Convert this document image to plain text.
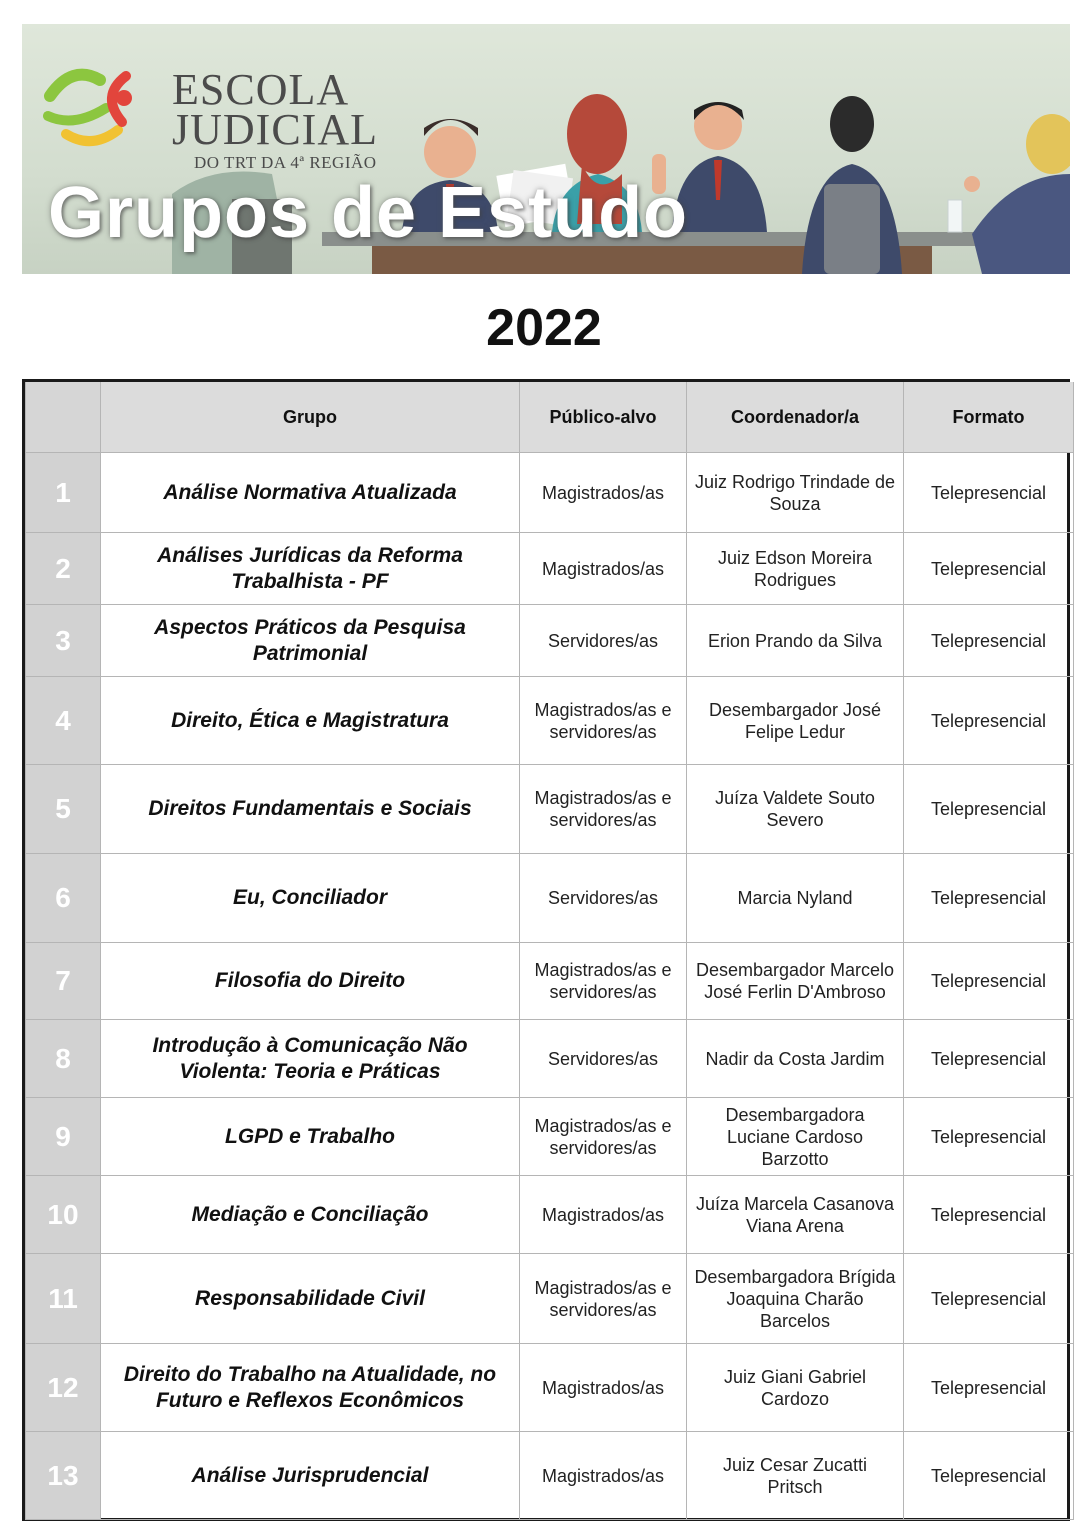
ESCOLA
JUDICIAL
DO TRT DA 4ª REGIÃO
Grupos de Estudo
2022
	Grupo	Público-alvo	Coordenador/a	Formato
1	Análise Normativa Atualizada	Magistrados/as	Juiz Rodrigo Trindade de Souza	Telepresencial
2	Análises Jurídicas da Reforma Trabalhista - PF	Magistrados/as	Juiz Edson Moreira Rodrigues	Telepresencial
3	Aspectos Práticos da Pesquisa Patrimonial	Servidores/as	Erion Prando da Silva	Telepresencial
4	Direito, Ética e Magistratura	Magistrados/as e servidores/as	Desembargador José Felipe Ledur	Telepresencial
5	Direitos Fundamentais e Sociais	Magistrados/as e servidores/as	Juíza Valdete Souto Severo	Telepresencial
6	Eu, Conciliador	Servidores/as	Marcia Nyland	Telepresencial
7	Filosofia do Direito	Magistrados/as e servidores/as	Desembargador Marcelo José Ferlin D'Ambroso	Telepresencial
8	Introdução à Comunicação Não Violenta: Teoria e Práticas	Servidores/as	Nadir da Costa Jardim	Telepresencial
9	LGPD e Trabalho	Magistrados/as e servidores/as	Desembargadora Luciane Cardoso Barzotto	Telepresencial
10	Mediação e Conciliação	Magistrados/as	Juíza Marcela Casanova Viana Arena	Telepresencial
11	Responsabilidade Civil	Magistrados/as e servidores/as	Desembargadora Brígida Joaquina Charão Barcelos	Telepresencial
12	Direito do Trabalho na Atualidade, no Futuro e Reflexos Econômicos	Magistrados/as	Juiz Giani Gabriel Cardozo	Telepresencial
13	Análise Jurisprudencial	Magistrados/as	Juiz Cesar Zucatti Pritsch	Telepresencial
